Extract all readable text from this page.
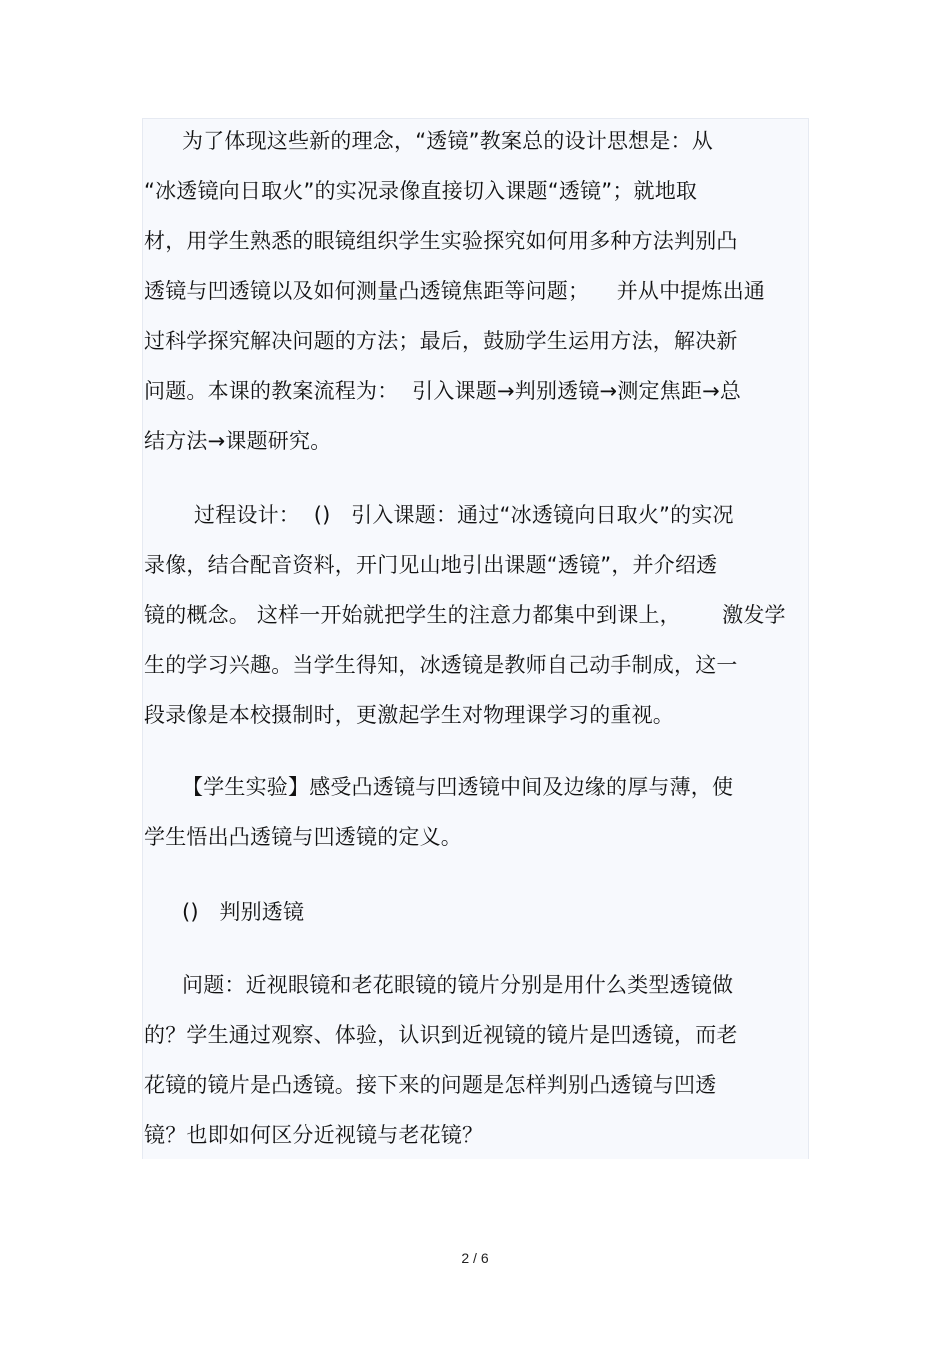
为了体现这些新的理念，“透镜”教案总的设计思想是：从
“冰透镜向日取火”的实况录像直接切入课题“透镜”；就地取
材，用学生熟悉的眼镜组织学生实验探究如何用多种方法判别凸
透镜与凹透镜以及如何测量凸透镜焦距等问题；    并从中提炼出通
过科学探究解决问题的方法；最后，鼓励学生运用方法，解决新
问题。本课的教案流程为：  引入课题→判别透镜→测定焦距→总
结方法→课题研究。
过程设计：  ()   引入课题：通过“冰透镜向日取火”的实况
录像，结合配音资料，开门见山地引出课题“透镜”，并介绍透
镜的概念。 这样一开始就把学生的注意力都集中到课上，      激发学
生的学习兴趣。当学生得知，冰透镜是教师自己动手制成，这一
段录像是本校摄制时，更激起学生对物理课学习的重视。
【学生实验】感受凸透镜与凹透镜中间及边缘的厚与薄，使
学生悟出凸透镜与凹透镜的定义。
()   判别透镜
问题：近视眼镜和老花眼镜的镜片分别是用什么类型透镜做
的？学生通过观察、体验，认识到近视镜的镜片是凹透镜，而老
花镜的镜片是凸透镜。接下来的问题是怎样判别凸透镜与凹透
镜？也即如何区分近视镜与老花镜？
2 / 6
